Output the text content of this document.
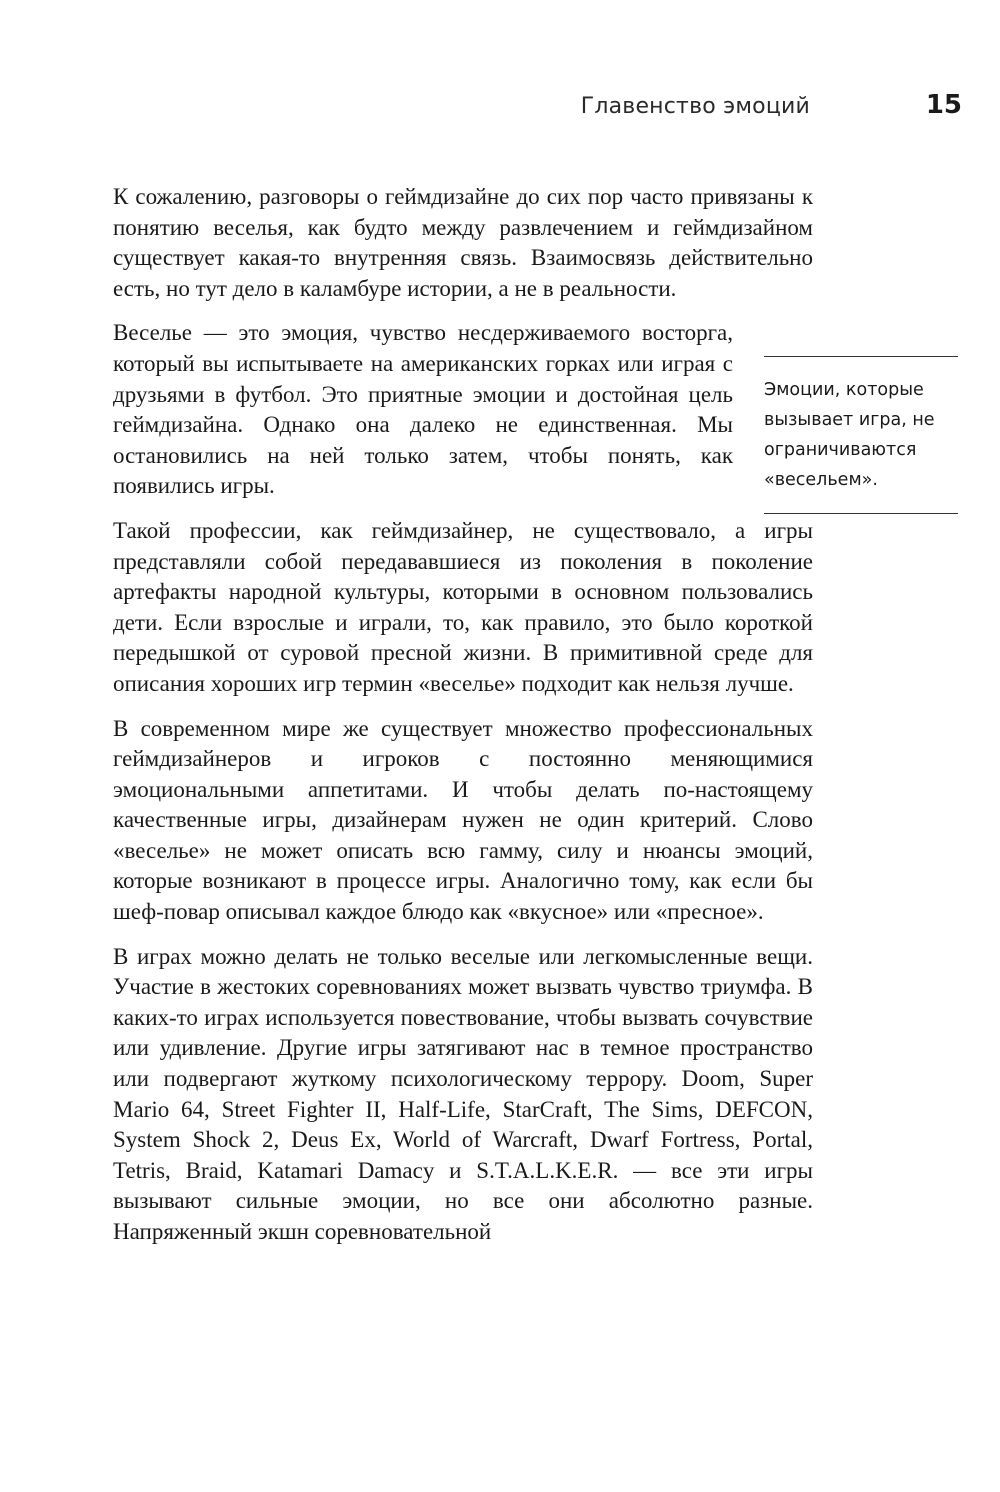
Главенство эмоций	15

К сожалению, разговоры о геймдизайне до сих пор часто привязаны к понятию веселья, как будто между развлечением и геймдизайном существует какая-то внутренняя связь. Взаимосвязь действительно есть, но тут дело в каламбуре истории, а не в реальности.

Веселье — это эмоция, чувство несдерживаемого восторга, который вы испытываете на американских горках или играя с друзьями в футбол. Это приятные эмоции и достойная цель геймдизайна. Однако она далеко не единственная. Мы остановились на ней только затем, чтобы понять, как появились игры.

Такой профессии, как геймдизайнер, не существовало, а игры представляли собой передававшиеся из поколения в поколение артефакты народной культуры, которыми в основном пользовались дети. Если взрослые и играли, то, как правило, это было короткой передышкой от суровой пресной жизни. В примитивной среде для описания хороших игр термин «веселье» подходит как нельзя лучше.

В современном мире же существует множество профессиональных геймдизайнеров и игроков с постоянно меняющимися эмоциональными аппетитами. И чтобы делать по-настоящему качественные игры, дизайнерам нужен не один критерий. Слово «веселье» не может описать всю гамму, силу и нюансы эмоций, которые возникают в процессе игры. Аналогично тому, как если бы шеф-повар описывал каждое блюдо как «вкусное» или «пресное».

В играх можно делать не только веселые или легкомысленные вещи. Участие в жестоких соревнованиях может вызвать чувство триумфа. В каких-то играх используется повествование, чтобы вызвать сочувствие или удивление. Другие игры затягивают нас в темное пространство или подвергают жуткому психологическому террору. Doom, Super Mario 64, Street Fighter II, Half-Life, StarCraft, The Sims, DEFCON, System Shock 2, Deus Ex, World of Warcraft, Dwarf Fortress, Portal, Tetris, Braid, Katamari Damacy и S.T.A.L.K.E.R. — все эти игры вызывают сильные эмоции, но все они абсолютно разные. Напряженный экшн соревновательной

Эмоции, которые вызывает игра, не ограничиваются «весельем».
